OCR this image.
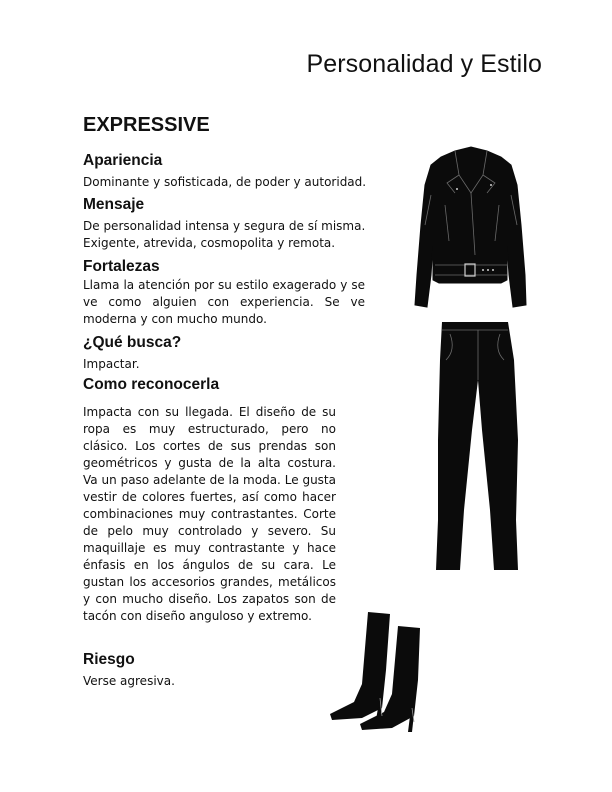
Personalidad y Estilo
EXPRESSIVE
Apariencia

Dominante y sofisticada, de poder y autoridad.

Mensaje

De personalidad intensa y segura de sí misma. Exigente, atrevida, cosmopolita y remota.

Fortalezas

Llama la atención por su estilo exagerado y se ve como alguien con experiencia. Se ve moderna y con mucho mundo.

¿Qué busca?

Impactar.

Como reconocerla

Impacta con su llegada. El diseño de su ropa es muy estructurado, pero no clásico. Los cortes de sus prendas son geométricos y gusta de la alta costura. Va un paso adelante de la moda. Le gusta vestir de colores fuertes, así como hacer combinaciones muy contrastantes. Corte de pelo muy controlado y severo. Su maquillaje es muy contrastante y hace énfasis en los ángulos de su cara. Le gustan los accesorios grandes, metálicos y con mucho diseño. Los zapatos son de tacón con diseño anguloso y extremo.

Riesgo

Verse agresiva.
